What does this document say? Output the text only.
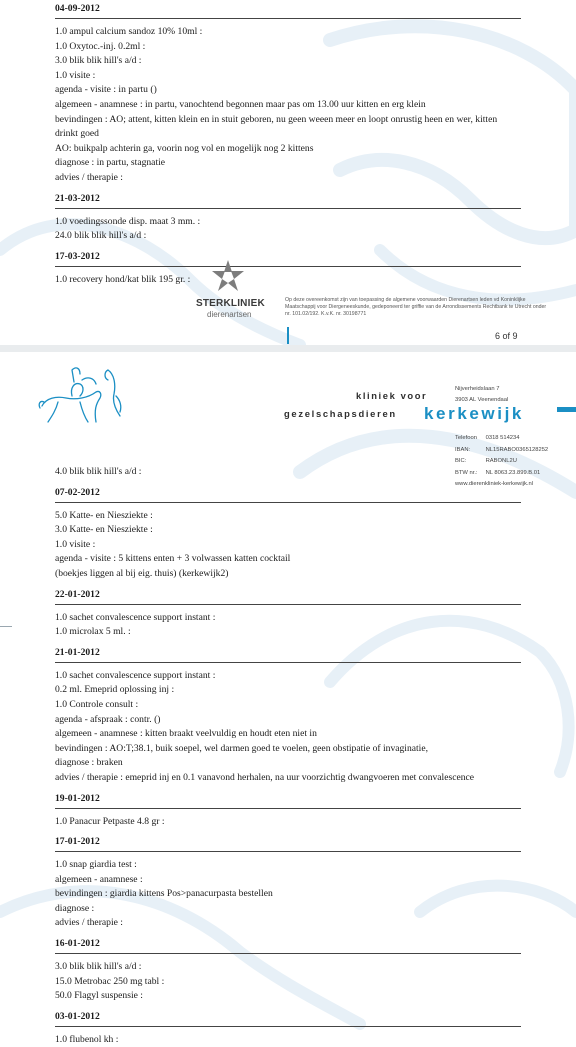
04-09-2012
1.0 ampul calcium sandoz 10% 10ml :
1.0 Oxytoc.-inj. 0.2ml :
3.0 blik blik hill's a/d :
1.0 visite :
agenda - visite : in partu ()
algemeen - anamnese : in partu, vanochtend begonnen maar pas om 13.00 uur kitten en erg klein
bevindingen : AO; attent, kitten klein en in stuit geboren, nu geen weeen meer en loopt onrustig heen en wer, kitten drinkt goed
AO: buikpalp achterin ga, voorin nog vol en mogelijk nog 2 kittens
diagnose : in partu, stagnatie
advies / therapie :
21-03-2012
1.0 voedingssonde disp. maat 3 mm. :
24.0 blik blik hill's a/d :
17-03-2012
1.0 recovery hond/kat blik 195 gr. :
STERKLINIEK
dierenartsen
Op deze overeenkomst zijn van toepassing de algemene voorwaarden Dierenartsen leden vd Koninklijke Maatschappij voor Diergeneeskunde, gedeponeerd ter griffie van de Arrondissements Rechtbank te Utrecht onder nr. 101.02/192. K.v.K. nr. 30198771
6 of 9
Nijverheidslaan 7
3903 AL Veenendaal
kliniek voor
gezelschapsdieren kerkewijk
Telefoon 0318 514234
IBAN:	NL15RABO0365128252
BIC:	RABONL2U
BTW nr.: NL 8063.23.899.B.01
www.dierenkliniek-kerkewijk.nl
4.0 blik blik hill's a/d :
07-02-2012
5.0 Katte- en Niesziekte :
3.0 Katte- en Niesziekte :
1.0 visite :
agenda - visite : 5 kittens enten + 3 volwassen katten cocktail
(boekjes liggen al bij eig. thuis) (kerkewijk2)
22-01-2012
1.0 sachet convalescence support instant :
1.0 microlax 5 ml. :
21-01-2012
1.0 sachet convalescence support instant :
0.2 ml. Emeprid oplossing inj :
1.0 Controle consult :
agenda - afspraak : contr. ()
algemeen - anamnese : kitten braakt veelvuldig en houdt eten niet in
bevindingen : AO:T;38.1, buik soepel, wel darmen goed te voelen, geen obstipatie of invaginatie,
diagnose : braken
advies / therapie : emeprid inj en 0.1 vanavond herhalen, na uur voorzichtig dwangvoeren met convalescence
19-01-2012
1.0 Panacur Petpaste 4.8 gr :
17-01-2012
1.0 snap giardia test :
algemeen - anamnese :
bevindingen : giardia kittens Pos>panacurpasta bestellen
diagnose :
advies / therapie :
16-01-2012
3.0 blik blik hill's a/d :
15.0 Metrobac 250 mg tabl :
50.0 Flagyl suspensie :
03-01-2012
1.0 flubenol kh :
